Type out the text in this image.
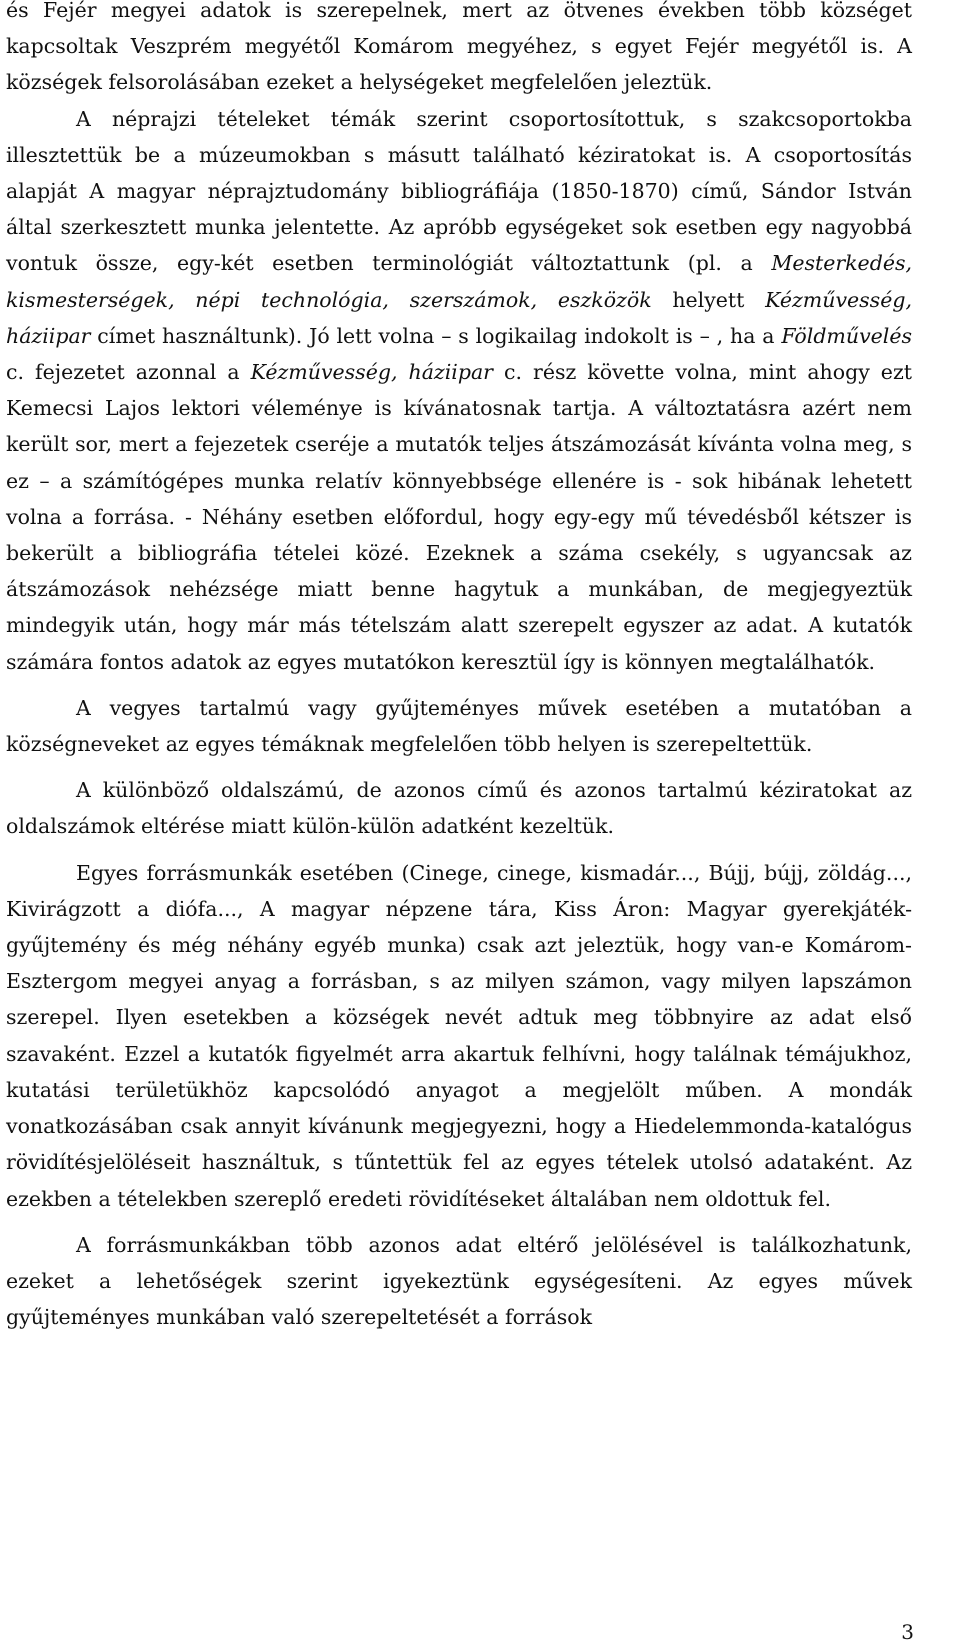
és Fejér megyei adatok is szerepelnek, mert az ötvenes években több községet kapcsoltak Veszprém megyétől Komárom megyéhez, s egyet Fejér megyétől is. A községek felsorolásában ezeket a helységeket megfelelően jeleztük.

A néprajzi tételeket témák szerint csoportosítottuk, s szakcsoportokba illesztettük be a múzeumokban s másutt található kéziratokat is. A csoportosítás alapját A magyar néprajztudomány bibliográfiája (1850-1870) című, Sándor István által szerkesztett munka jelentette. Az apróbb egységeket sok esetben egy nagyobbá vontuk össze, egy-két esetben terminológiát változtattunk (pl. a Mesterkedés, kismesterségek, népi technológia, szerszámok, eszközök helyett Kézművesség, háziipar címet használtunk). Jó lett volna – s logikailag indokolt is – , ha a Földművelés c. fejezetet azonnal a Kézművesség, háziipar c. rész követte volna, mint ahogy ezt Kemecsi Lajos lektori véleménye is kívánatosnak tartja. A változtatásra azért nem került sor, mert a fejezetek cseréje a mutatók teljes átszámozását kívánta volna meg, s ez – a számítógépes munka relatív könnyebbsége ellenére is - sok hibának lehetett volna a forrása. - Néhány esetben előfordul, hogy egy-egy mű tévedésből kétszer is bekerült a bibliográfia tételei közé. Ezeknek a száma csekély, s ugyancsak az átszámozások nehézsége miatt benne hagytuk a munkában, de megjegyeztük mindegyik után, hogy már más tételszám alatt szerepelt egyszer az adat. A kutatók számára fontos adatok az egyes mutatókon keresztül így is könnyen megtalálhatók.

A vegyes tartalmú vagy gyűjteményes művek esetében a mutatóban a községneveket az egyes témáknak megfelelően több helyen is szerepeltettük.

A különböző oldalszámú, de azonos című és azonos tartalmú kéziratokat az oldalszámok eltérése miatt külön-külön adatként kezeltük.

Egyes forrásmunkák esetében (Cinege, cinege, kismadár..., Bújj, bújj, zöldág..., Kivirágzott a diófa..., A magyar népzene tára, Kiss Áron: Magyar gyerekjáték-gyűjtemény és még néhány egyéb munka) csak azt jeleztük, hogy van-e Komárom-Esztergom megyei anyag a forrásban, s az milyen számon, vagy milyen lapszámon szerepel. Ilyen esetekben a községek nevét adtuk meg többnyire az adat első szavaként. Ezzel a kutatók figyelmét arra akartuk felhívni, hogy találnak témájukhoz, kutatási területükhöz kapcsolódó anyagot a megjelölt műben. A mondák vonatkozásában csak annyit kívánunk megjegyezni, hogy a Hiedelemmonda-katalógus rövidítésjelöléseit használtuk, s tűntettük fel az egyes tételek utolsó adataként. Az ezekben a tételekben szereplő eredeti rövidítéseket általában nem oldottuk fel.

A forrásmunkákban több azonos adat eltérő jelölésével is találkozhatunk, ezeket a lehetőségek szerint igyekeztünk egységesíteni. Az egyes művek gyűjteményes munkában való szerepeltetését a források

3
